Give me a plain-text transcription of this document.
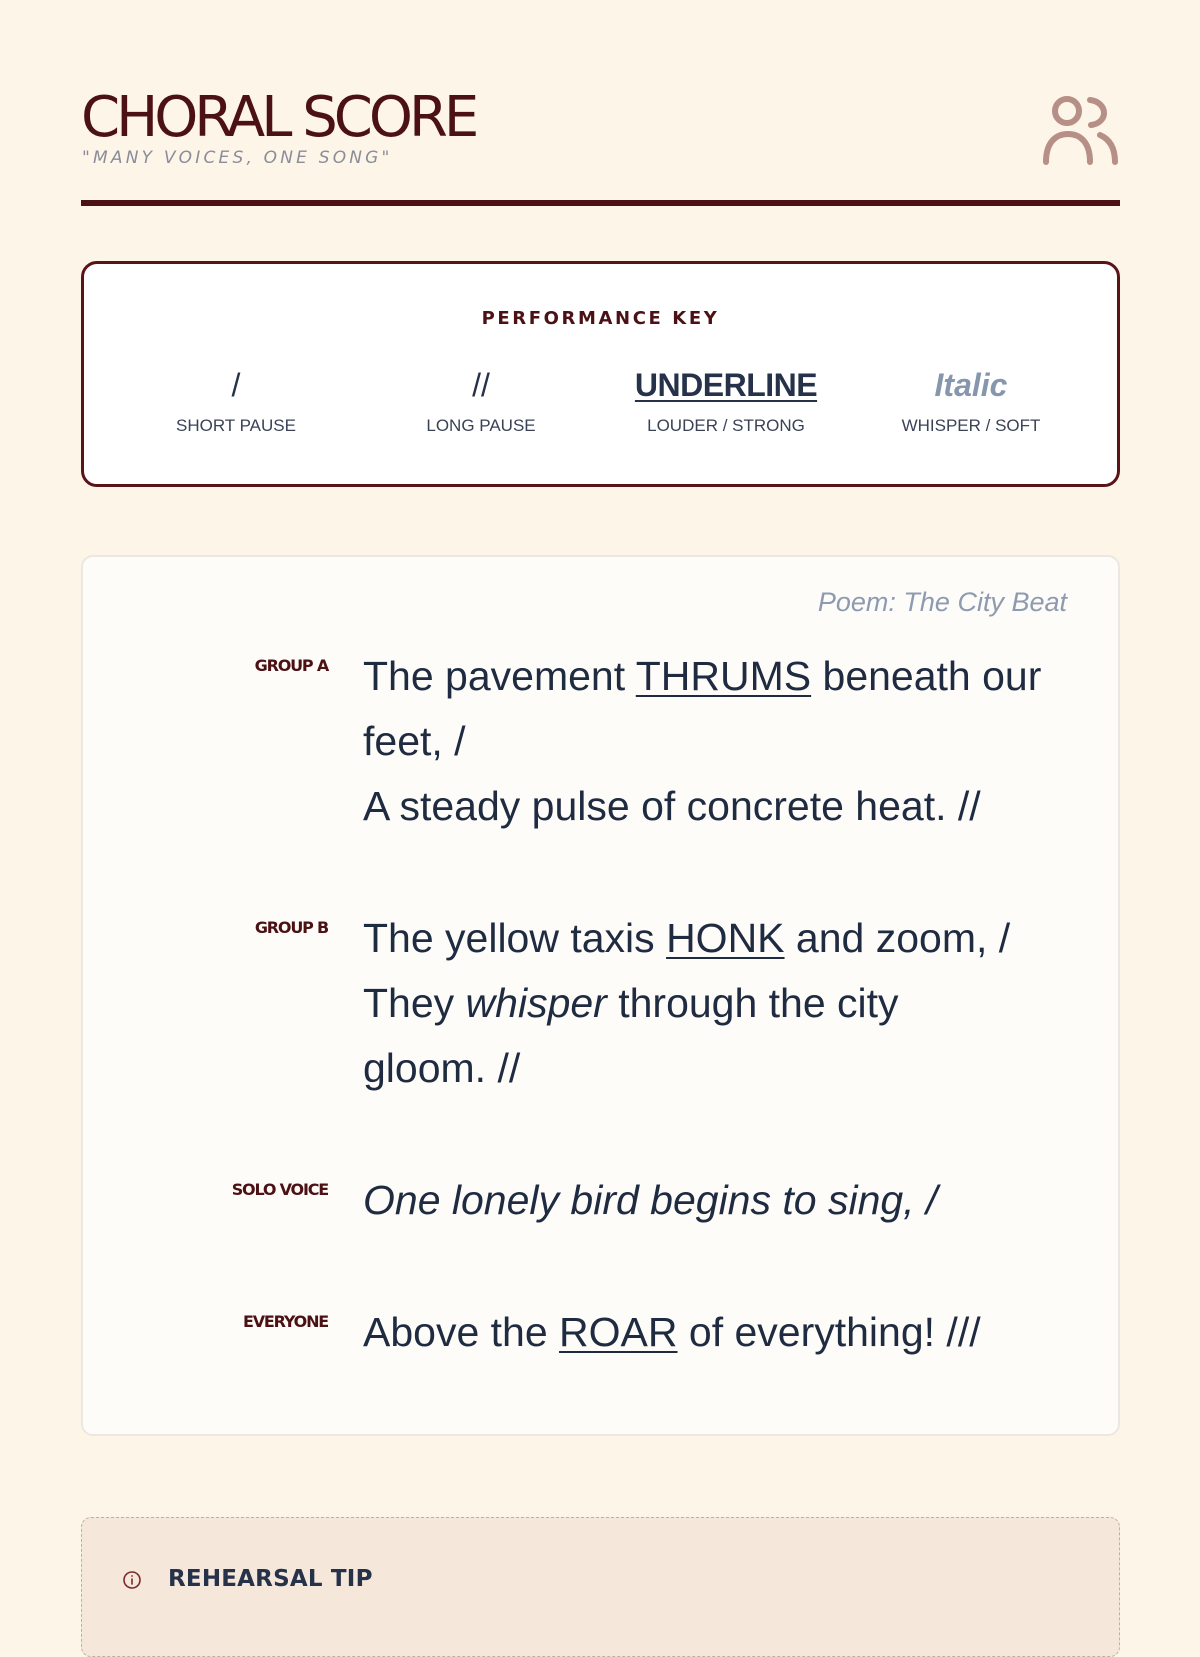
CHORAL SCORE
"MANY VOICES, ONE SONG"
PERFORMANCE KEY
/
SHORT PAUSE
//
LONG PAUSE
UNDERLINE
LOUDER / STRONG
Italic
WHISPER / SOFT
Poem: The City Beat
GROUP A The pavement THRUMS beneath our feet, /
A steady pulse of concrete heat. //
GROUP B The yellow taxis HONK and zoom, /
They whisper through the city gloom. //
SOLO VOICE One lonely bird begins to sing, /
EVERYONE Above the ROAR of everything! ///
REHEARSAL TIP
